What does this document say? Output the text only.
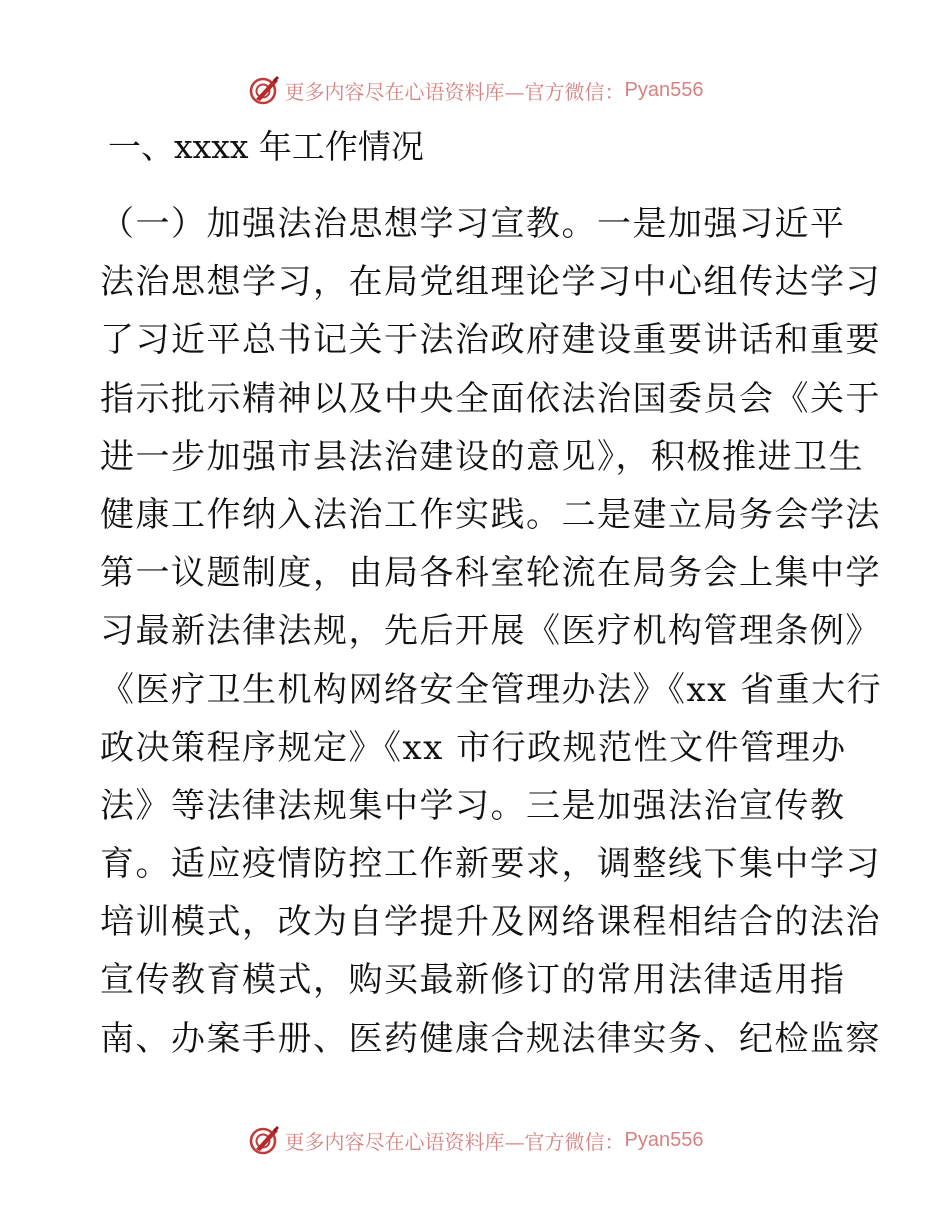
更多内容尽在心语资料库—官方微信： Pyan556
一、xxxx 年工作情况
（一）加强法治思想学习宣教。一是加强习近平
法治思想学习，在局党组理论学习中心组传达学习
了习近平总书记关于法治政府建设重要讲话和重要
指示批示精神以及中央全面依法治国委员会《关于
进一步加强市县法治建设的意见》，积极推进卫生
健康工作纳入法治工作实践。二是建立局务会学法
第一议题制度，由局各科室轮流在局务会上集中学
习最新法律法规，先后开展《医疗机构管理条例》
《医疗卫生机构网络安全管理办法》《xx 省重大行
政决策程序规定》《xx 市行政规范性文件管理办
法》等法律法规集中学习。三是加强法治宣传教
育。适应疫情防控工作新要求，调整线下集中学习
培训模式，改为自学提升及网络课程相结合的法治
宣传教育模式，购买最新修订的常用法律适用指
南、办案手册、医药健康合规法律实务、纪检监察
更多内容尽在心语资料库—官方微信： Pyan556
